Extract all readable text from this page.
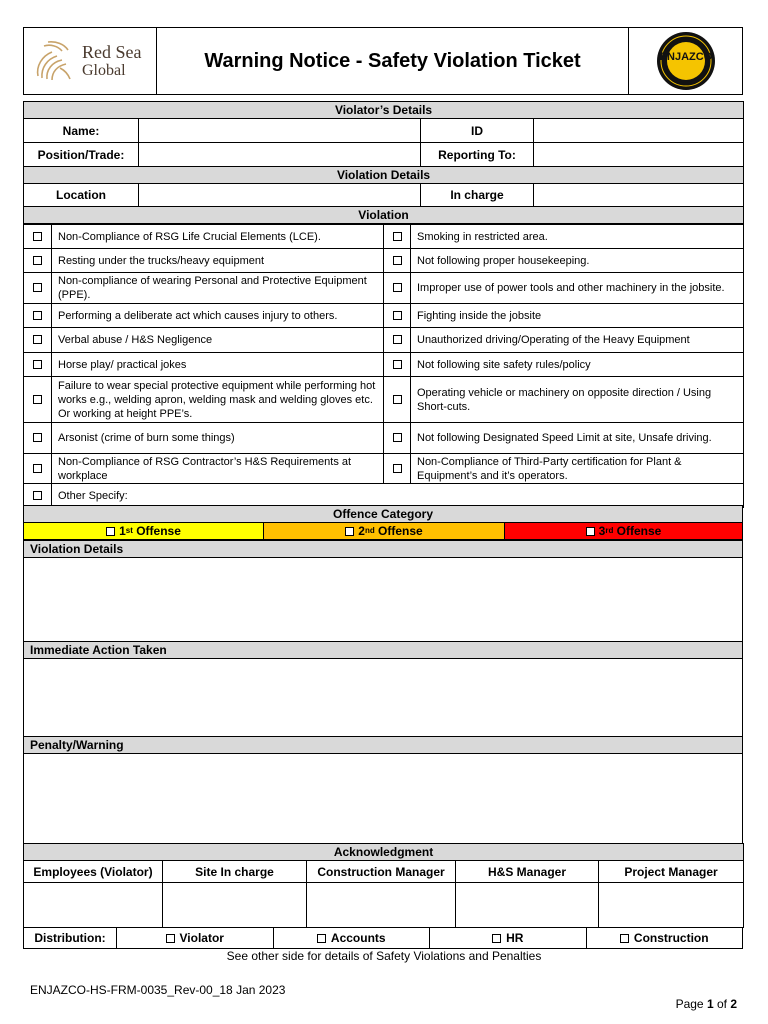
Red Sea
Global	Warning Notice - Safety Violation Ticket	ENJAZCO
Violator’s Details			
Name:		ID	
Position/Trade:		Reporting To:	
Violation Details			
Location		In charge	
Violation			
	Non-Compliance of RSG Life Crucial Elements (LCE).		Smoking in restricted area.
	Resting under the trucks/heavy equipment		Not following proper housekeeping.
	Non-compliance of wearing Personal and Protective Equipment (PPE).		Improper use of power tools and other machinery in the jobsite.
	Performing a deliberate act which causes injury to others.		Fighting inside the jobsite
	Verbal abuse / H&S Negligence		Unauthorized driving/Operating of the Heavy Equipment
	Horse play/ practical jokes		Not following site safety rules/policy
	Failure to wear special protective equipment while performing hot works e.g., welding apron, welding mask and welding gloves etc. Or working at height PPE’s.		Operating vehicle or machinery on opposite direction / Using Short-cuts.
	Arsonist (crime of burn some things)		Not following Designated Speed Limit at site, Unsafe driving.
	Non-Compliance of RSG Contractor’s H&S Requirements at workplace		Non-Compliance of Third-Party certification for Plant & Equipment’s and it’s operators.
	Other Specify:		
Offence Category
1 st Offense	2 nd Offense	3 rd Offense
Violation Details
Immediate Action Taken
Penalty/Warning
Acknowledgment				
Employees (Violator)	Site In charge	Construction Manager	H&S Manager	Project Manager

Distribution:	Violator	Accounts	HR	Construction
See other side for details of Safety Violations and Penalties
ENJAZCO-HS-FRM-0035_Rev-00_18 Jan 2023

Page 1 of 2
